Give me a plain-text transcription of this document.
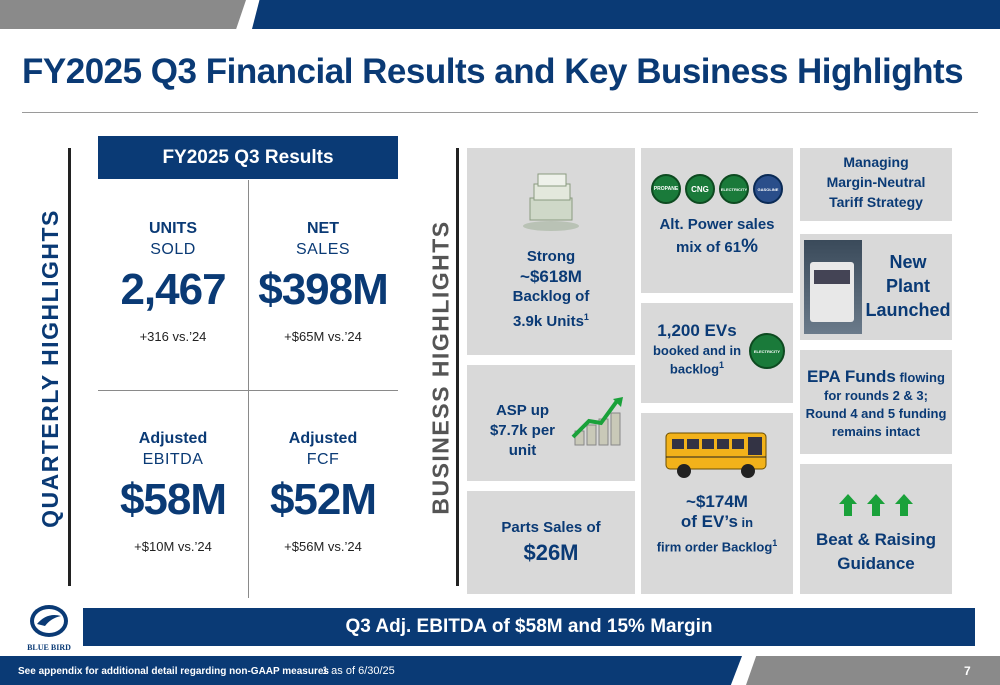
FY2025 Q3 Financial Results and Key Business Highlights
QUARTERLY HIGHLIGHTS
FY2025 Q3 Results
UNITS
SOLD
2,467
+316 vs.’24
NET
SALES
$398M
+$65M vs.’24
Adjusted
EBITDA
$58M
+$10M vs.’24
Adjusted
FCF
$52M
+$56M vs.’24
BUSINESS HIGHLIGHTS	Strong
~$618M
Backlog of
3.9k Units$^1$
ASP up
$7.7k per unit
Parts Sales of
$26M
PROPANE	CNG	ELECTRICITY	GASOLINE
Alt. Power sales
mix of 61%
1,200 EVs
booked and in
backlog$^1$
ELECTRICITY
~$174M
of EV’s in
firm order Backlog$^1$
Managing
Margin-Neutral
Tariff Strategy
New
Plant
Launched
EPA Funds flowing
for rounds 2 & 3;
Round 4 and 5 funding
remains intact
Beat & Raising
Guidance
BLUE BIRD
Q3 Adj. EBITDA of $58M and 15% Margin
See appendix for additional detail regarding non-GAAP measures
1 as of 6/30/25	7
